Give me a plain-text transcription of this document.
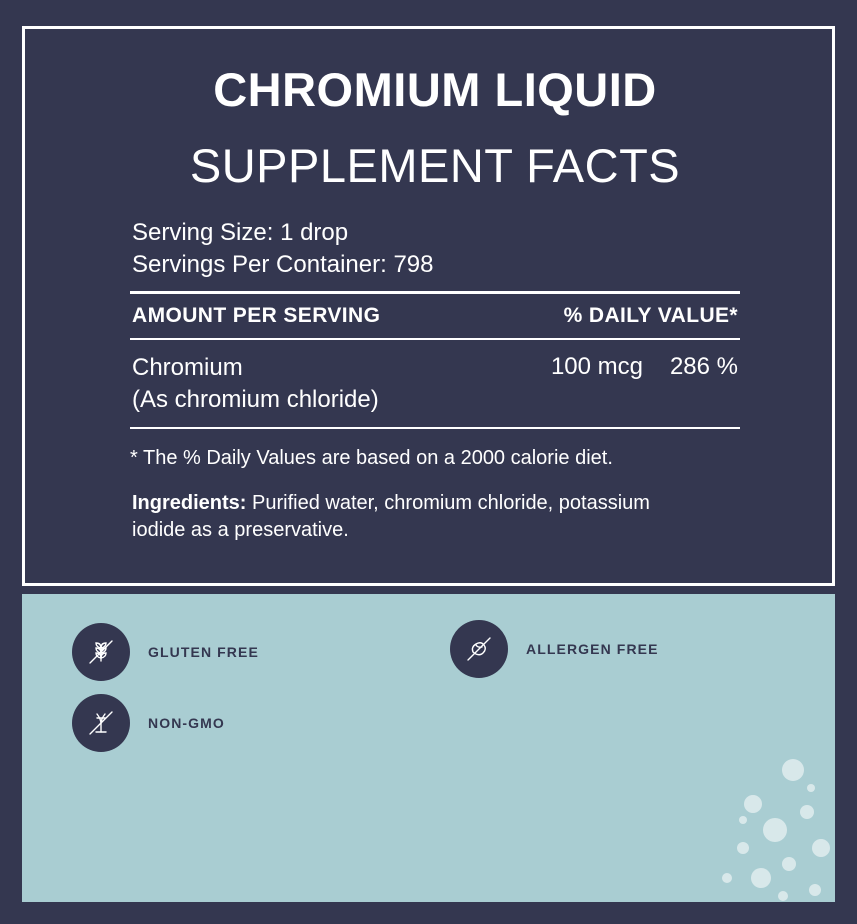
CHROMIUM LIQUID
SUPPLEMENT FACTS
Serving Size: 1 drop
Servings Per Container: 798
AMOUNT PER SERVING	% DAILY VALUE*
Chromium
(As chromium chloride)
100 mcg	286 %
* The % Daily Values are based on a 2000 calorie diet.
Ingredients: Purified water, chromium chloride, potassium iodide as a preservative.
GLUTEN FREE
NON-GMO
ALLERGEN FREE
